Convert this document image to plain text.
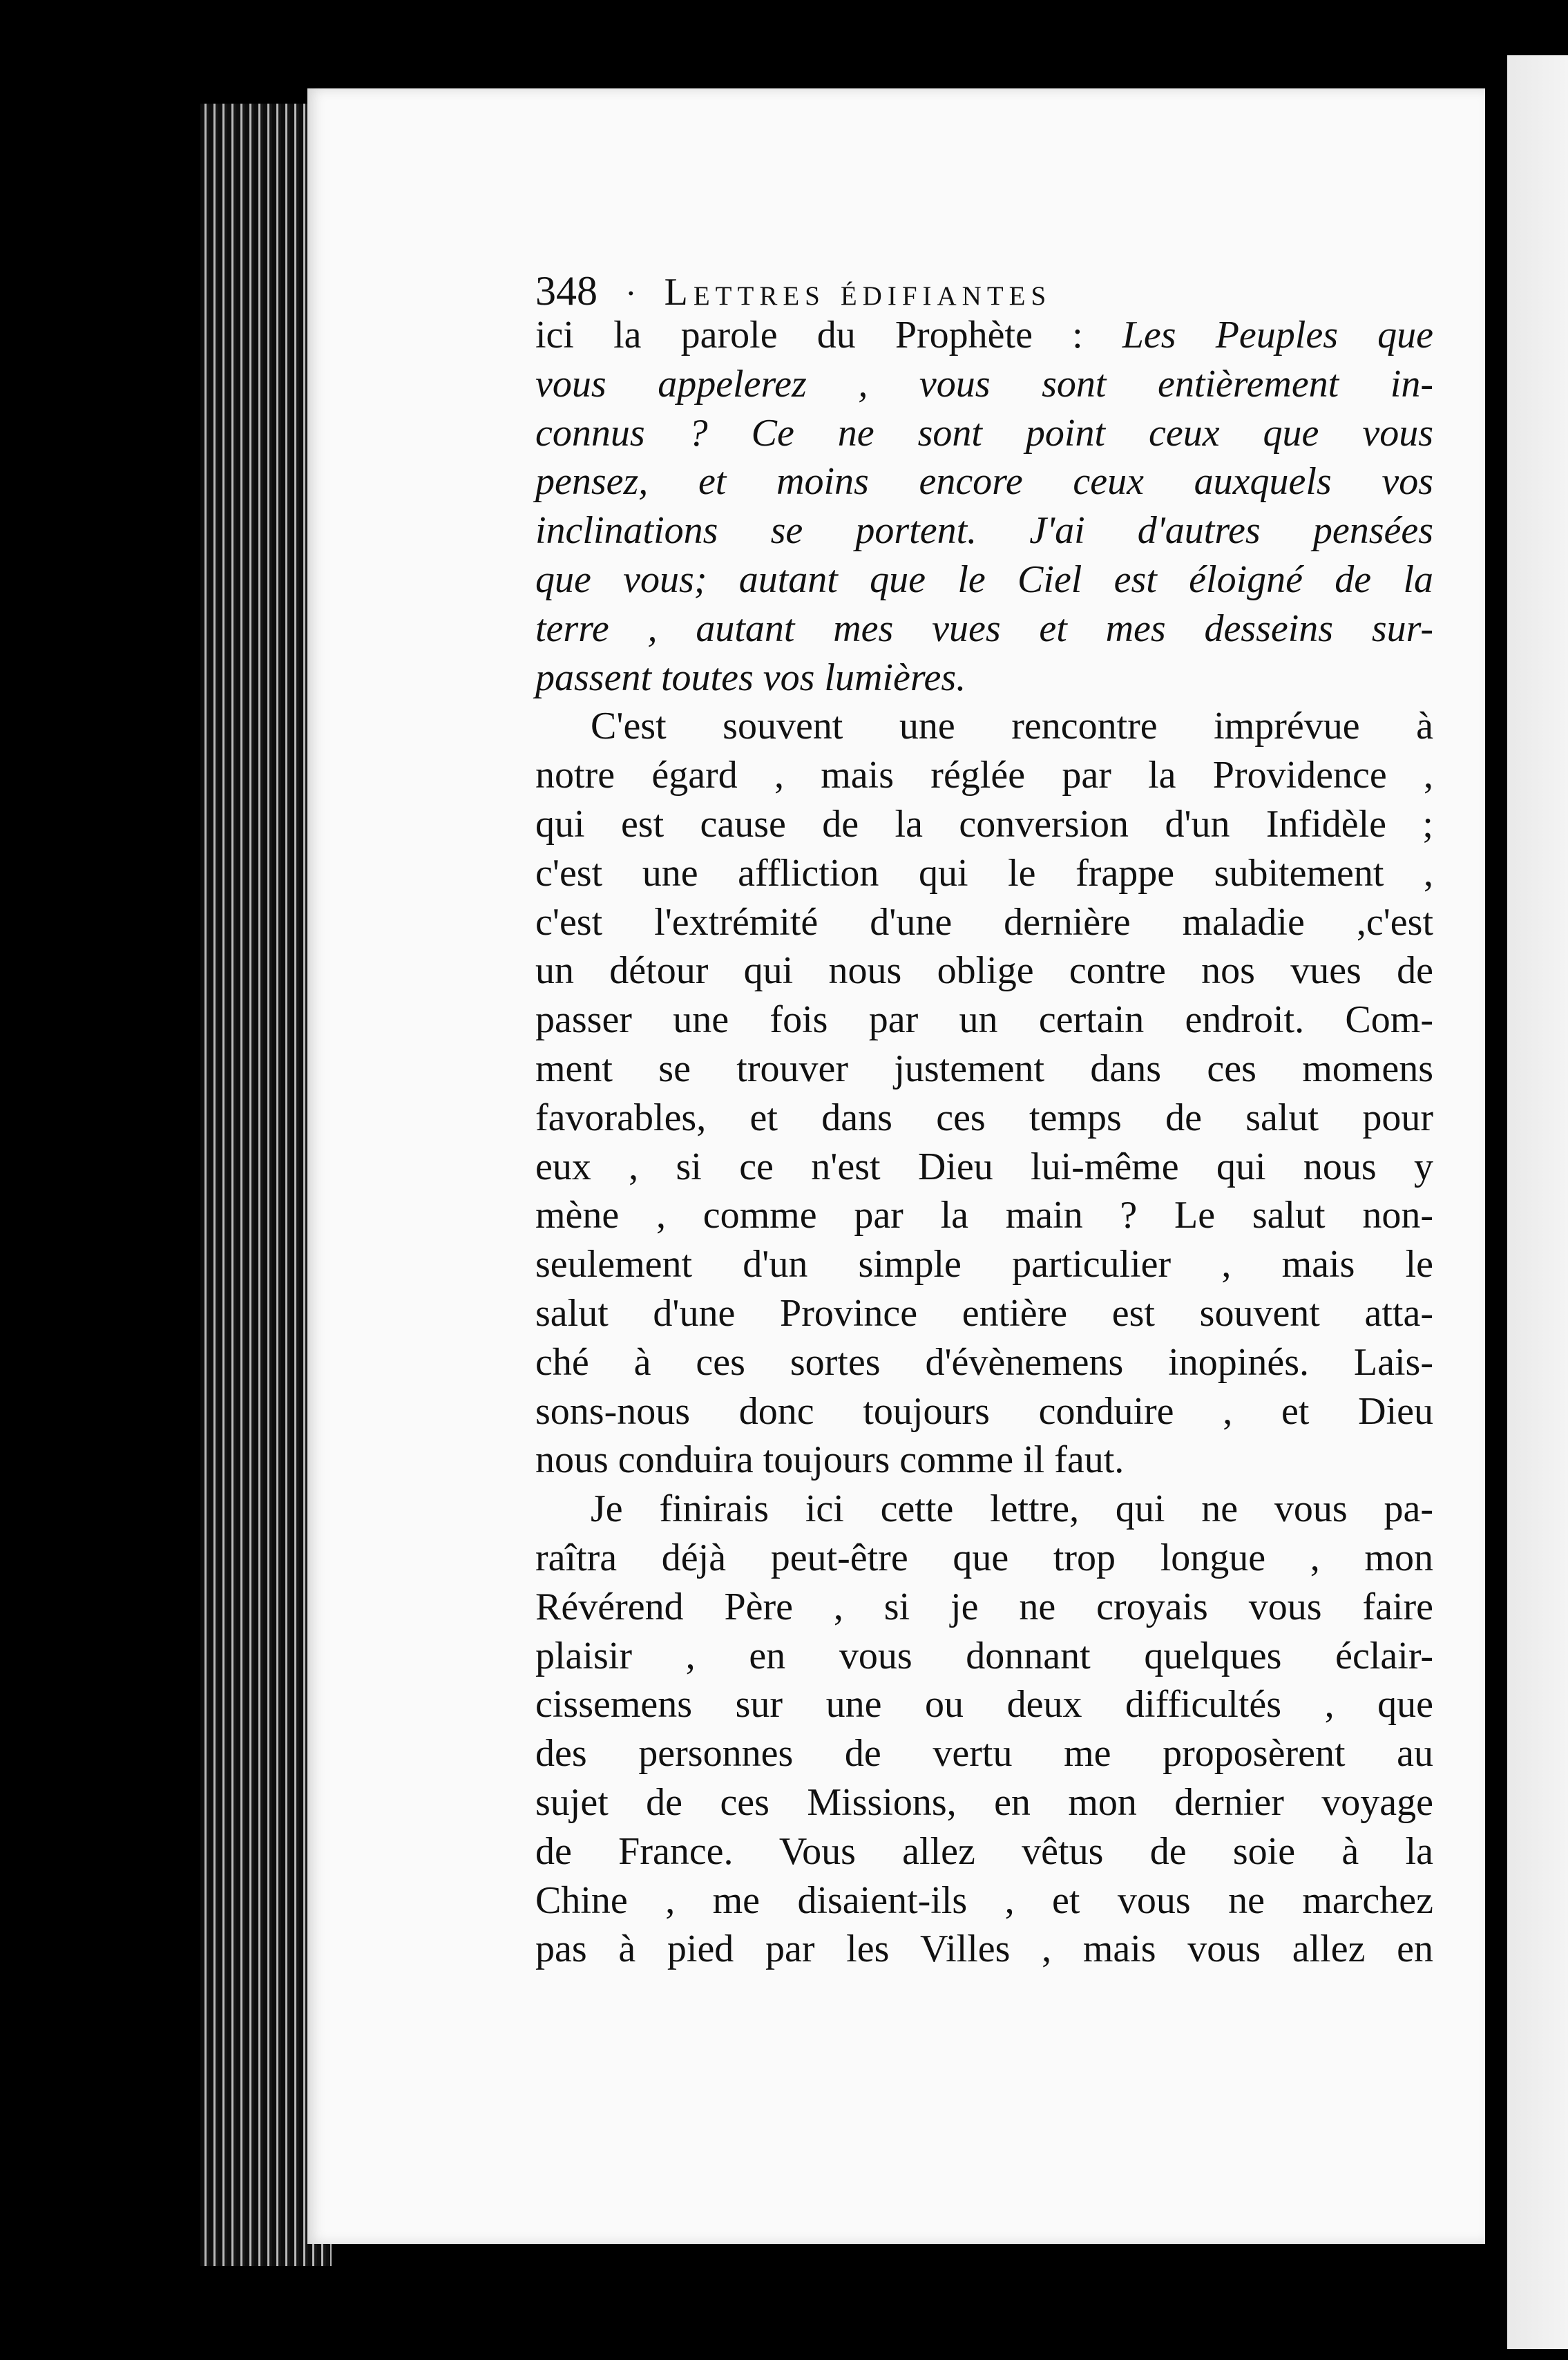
348 · Lettres édifiantes
ici la parole du Prophète : Les Peuples que
vous appelerez , vous sont entièrement in-
connus ? Ce ne sont point ceux que vous
pensez, et moins encore ceux auxquels vos
inclinations se portent. J'ai d'autres pensées
que vous; autant que le Ciel est éloigné de la
terre , autant mes vues et mes desseins sur-
passent toutes vos lumières.
C'est souvent une rencontre imprévue à
notre égard , mais réglée par la Providence ,
qui est cause de la conversion d'un Infidèle ;
c'est une affliction qui le frappe subitement ,
c'est l'extrémité d'une dernière maladie ,c'est
un détour qui nous oblige contre nos vues de
passer une fois par un certain endroit. Com-
ment se trouver justement dans ces momens
favorables, et dans ces temps de salut pour
eux , si ce n'est Dieu lui-même qui nous y
mène , comme par la main ? Le salut non-
seulement d'un simple particulier , mais le
salut d'une Province entière est souvent atta-
ché à ces sortes d'évènemens inopinés. Lais-
sons-nous donc toujours conduire , et Dieu
nous conduira toujours comme il faut.
Je finirais ici cette lettre, qui ne vous pa-
raîtra déjà peut-être que trop longue , mon
Révérend Père , si je ne croyais vous faire
plaisir , en vous donnant quelques éclair-
cissemens sur une ou deux difficultés , que
des personnes de vertu me proposèrent au
sujet de ces Missions, en mon dernier voyage
de France. Vous allez vêtus de soie à la
Chine , me disaient-ils , et vous ne marchez
pas à pied par les Villes , mais vous allez en
